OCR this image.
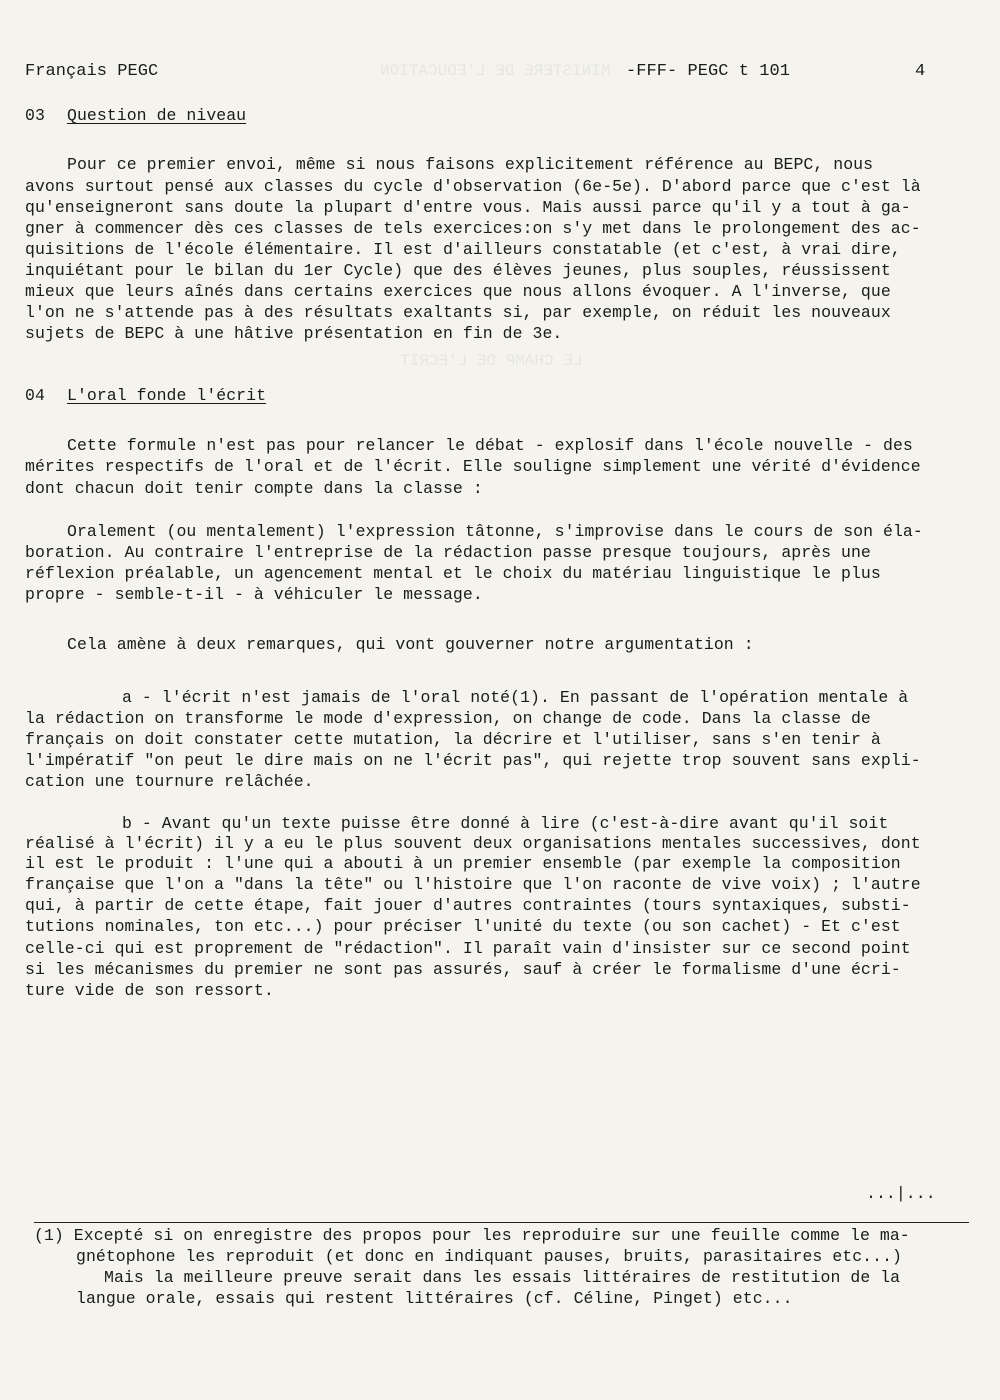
MINISTERE DE L'EDUCATION
LE CHAMP DE L'ECRIT
Français PEGC	-FFF- PEGC t 101	4
03 Question de niveau
Pour ce premier envoi, même si nous faisons explicitement référence au BEPC, nous
avons surtout pensé aux classes du cycle d'observation (6e-5e). D'abord parce que c'est là
qu'enseigneront sans doute la plupart d'entre vous. Mais aussi parce qu'il y a tout à ga-
gner à commencer dès ces classes de tels exercices:on s'y met dans le prolongement des ac-
quisitions de l'école élémentaire. Il est d'ailleurs constatable (et c'est, à vrai dire,
inquiétant pour le bilan du 1er Cycle) que des élèves jeunes, plus souples, réussissent
mieux que leurs aînés dans certains exercices que nous allons évoquer. A l'inverse, que
l'on ne s'attende pas à des résultats exaltants si, par exemple, on réduit les nouveaux
sujets de BEPC à une hâtive présentation en fin de 3e.
04 L'oral fonde l'écrit
Cette formule n'est pas pour relancer le débat - explosif dans l'école nouvelle - des
mérites respectifs de l'oral et de l'écrit. Elle souligne simplement une vérité d'évidence
dont chacun doit tenir compte dans la classe :
Oralement (ou mentalement) l'expression tâtonne, s'improvise dans le cours de son éla-
boration. Au contraire l'entreprise de la rédaction passe presque toujours, après une
réflexion préalable, un agencement mental et le choix du matériau linguistique le plus
propre - semble-t-il - à véhiculer le message.
Cela amène à deux remarques, qui vont gouverner notre argumentation :
a - l'écrit n'est jamais de l'oral noté(1). En passant de l'opération mentale à
la rédaction on transforme le mode d'expression, on change de code. Dans la classe de
français on doit constater cette mutation, la décrire et l'utiliser, sans s'en tenir à
l'impératif "on peut le dire mais on ne l'écrit pas", qui rejette trop souvent sans expli-
cation une tournure relâchée.
b - Avant qu'un texte puisse être donné à lire (c'est-à-dire avant qu'il soit
réalisé à l'écrit) il y a eu le plus souvent deux organisations mentales successives, dont
il est le produit : l'une qui a abouti à un premier ensemble (par exemple la composition
française que l'on a "dans la tête" ou l'histoire que l'on raconte de vive voix) ; l'autre
qui, à partir de cette étape, fait jouer d'autres contraintes (tours syntaxiques, substi-
tutions nominales, ton etc...) pour préciser l'unité du texte (ou son cachet) - Et c'est
celle-ci qui est proprement de "rédaction". Il paraît vain d'insister sur ce second point
si les mécanismes du premier ne sont pas assurés, sauf à créer le formalisme d'une écri-
ture vide de son ressort.
...|...
(1) Excepté si on enregistre des propos pour les reproduire sur une feuille comme le ma-
gnétophone les reproduit (et donc en indiquant pauses, bruits, parasitaires etc...)
Mais la meilleure preuve serait dans les essais littéraires de restitution de la
langue orale, essais qui restent littéraires (cf. Céline, Pinget) etc...
